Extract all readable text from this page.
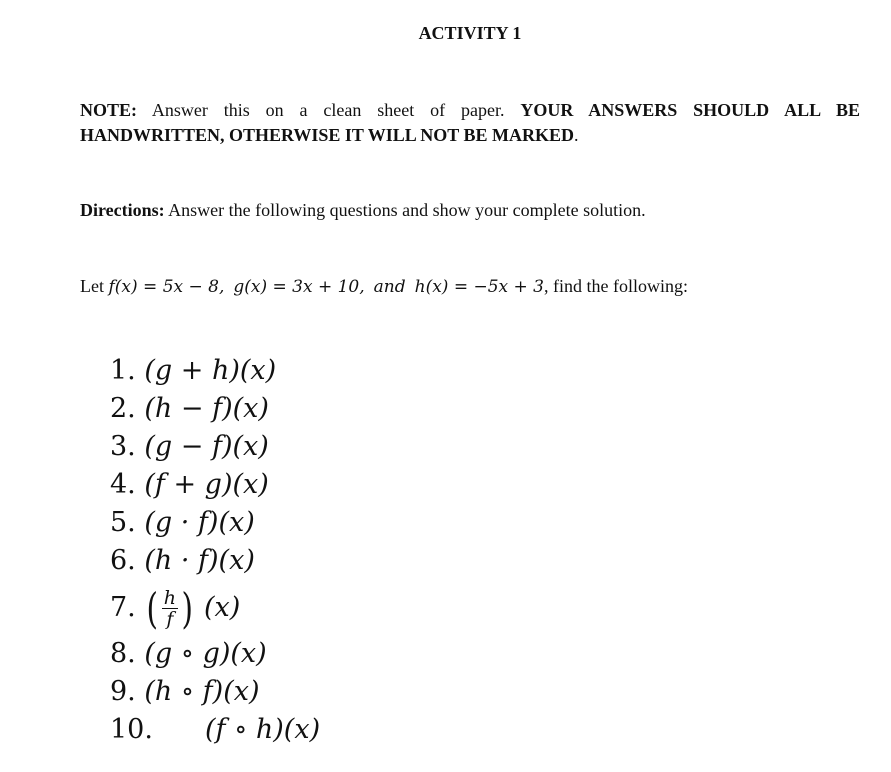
ACTIVITY 1
NOTE: Answer this on a clean sheet of paper. YOUR ANSWERS SHOULD ALL BE HANDWRITTEN, OTHERWISE IT WILL NOT BE MARKED.
Directions: Answer the following questions and show your complete solution.
Let f(x) = 5x − 8, g(x) = 3x + 10, and h(x) = −5x + 3, find the following:
1. (g + h)(x)
2. (h − f)(x)
3. (g − f)(x)
4. (f + g)(x)
5. (g · f)(x)
6. (h · f)(x)
7. ( $\frac{h}{f}$ ) (x)
8. (g ∘ g)(x)
9. (h ∘ f)(x)
10. (f ∘ h)(x)
